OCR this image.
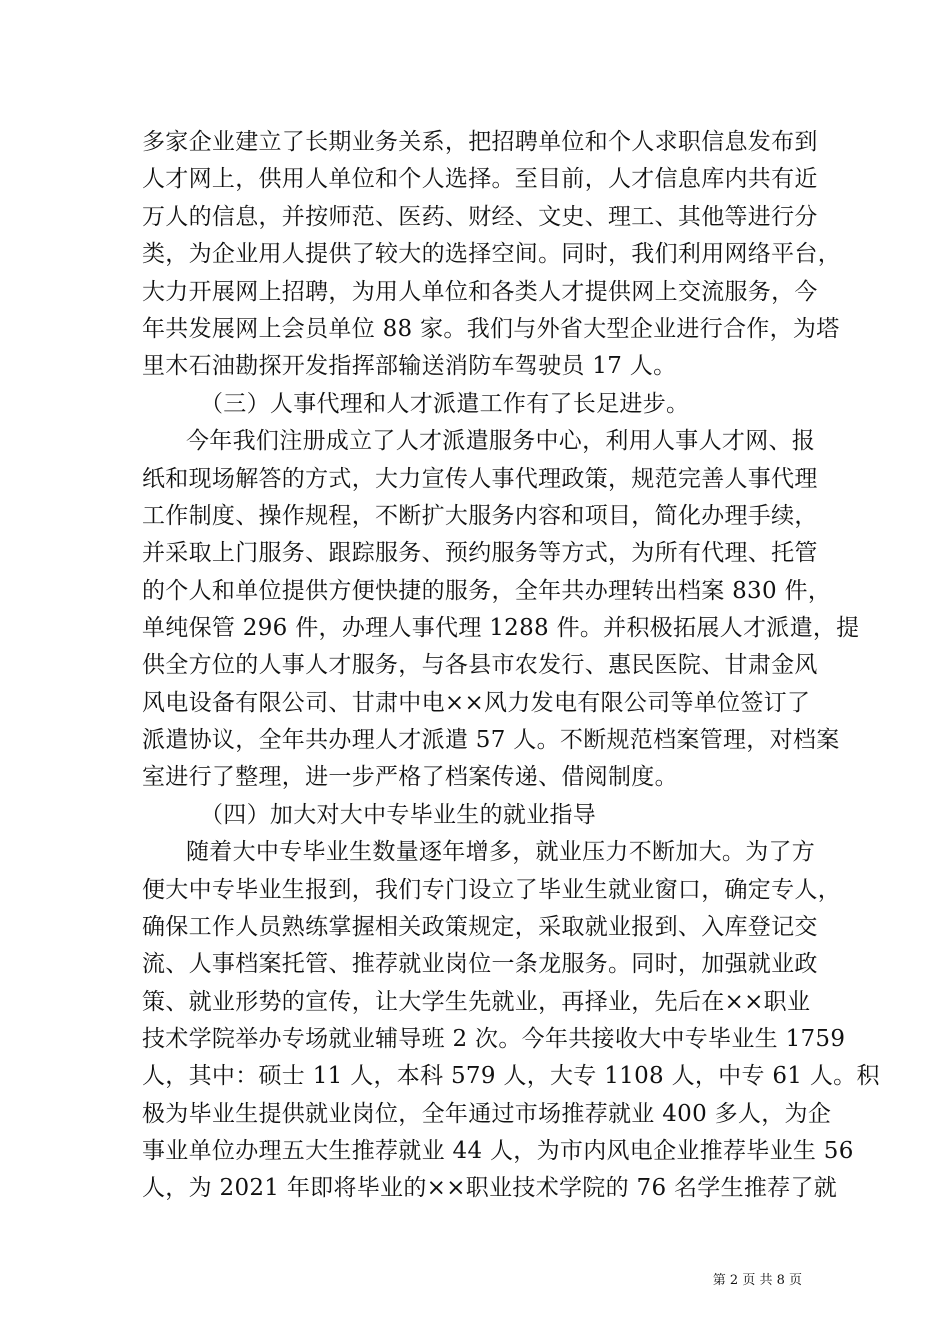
多家企业建立了长期业务关系，把招聘单位和个人求职信息发布到
人才网上，供用人单位和个人选择。至目前，人才信息库内共有近
万人的信息，并按师范、医药、财经、文史、理工、其他等进行分
类，为企业用人提供了较大的选择空间。同时，我们利用网络平台，
大力开展网上招聘，为用人单位和各类人才提供网上交流服务，今
年共发展网上会员单位 88 家。我们与外省大型企业进行合作，为塔
里木石油勘探开发指挥部输送消防车驾驶员 17 人。
（三）人事代理和人才派遣工作有了长足进步。
今年我们注册成立了人才派遣服务中心，利用人事人才网、报
纸和现场解答的方式，大力宣传人事代理政策，规范完善人事代理
工作制度、操作规程，不断扩大服务内容和项目，简化办理手续，
并采取上门服务、跟踪服务、预约服务等方式，为所有代理、托管
的个人和单位提供方便快捷的服务，全年共办理转出档案 830 件，
单纯保管 296 件，办理人事代理 1288 件。并积极拓展人才派遣，提
供全方位的人事人才服务，与各县市农发行、惠民医院、甘肃金风
风电设备有限公司、甘肃中电××风力发电有限公司等单位签订了
派遣协议，全年共办理人才派遣 57 人。不断规范档案管理，对档案
室进行了整理，进一步严格了档案传递、借阅制度。
（四）加大对大中专毕业生的就业指导
随着大中专毕业生数量逐年增多，就业压力不断加大。为了方
便大中专毕业生报到，我们专门设立了毕业生就业窗口，确定专人，
确保工作人员熟练掌握相关政策规定，采取就业报到、入库登记交
流、人事档案托管、推荐就业岗位一条龙服务。同时，加强就业政
策、就业形势的宣传，让大学生先就业，再择业，先后在××职业
技术学院举办专场就业辅导班 2 次。今年共接收大中专毕业生 1759
人，其中：硕士 11 人，本科 579 人，大专 1108 人，中专 61 人。积
极为毕业生提供就业岗位，全年通过市场推荐就业 400 多人，为企
事业单位办理五大生推荐就业 44 人，为市内风电企业推荐毕业生 56
人，为 2021 年即将毕业的××职业技术学院的 76 名学生推荐了就
第 2 页 共 8 页
